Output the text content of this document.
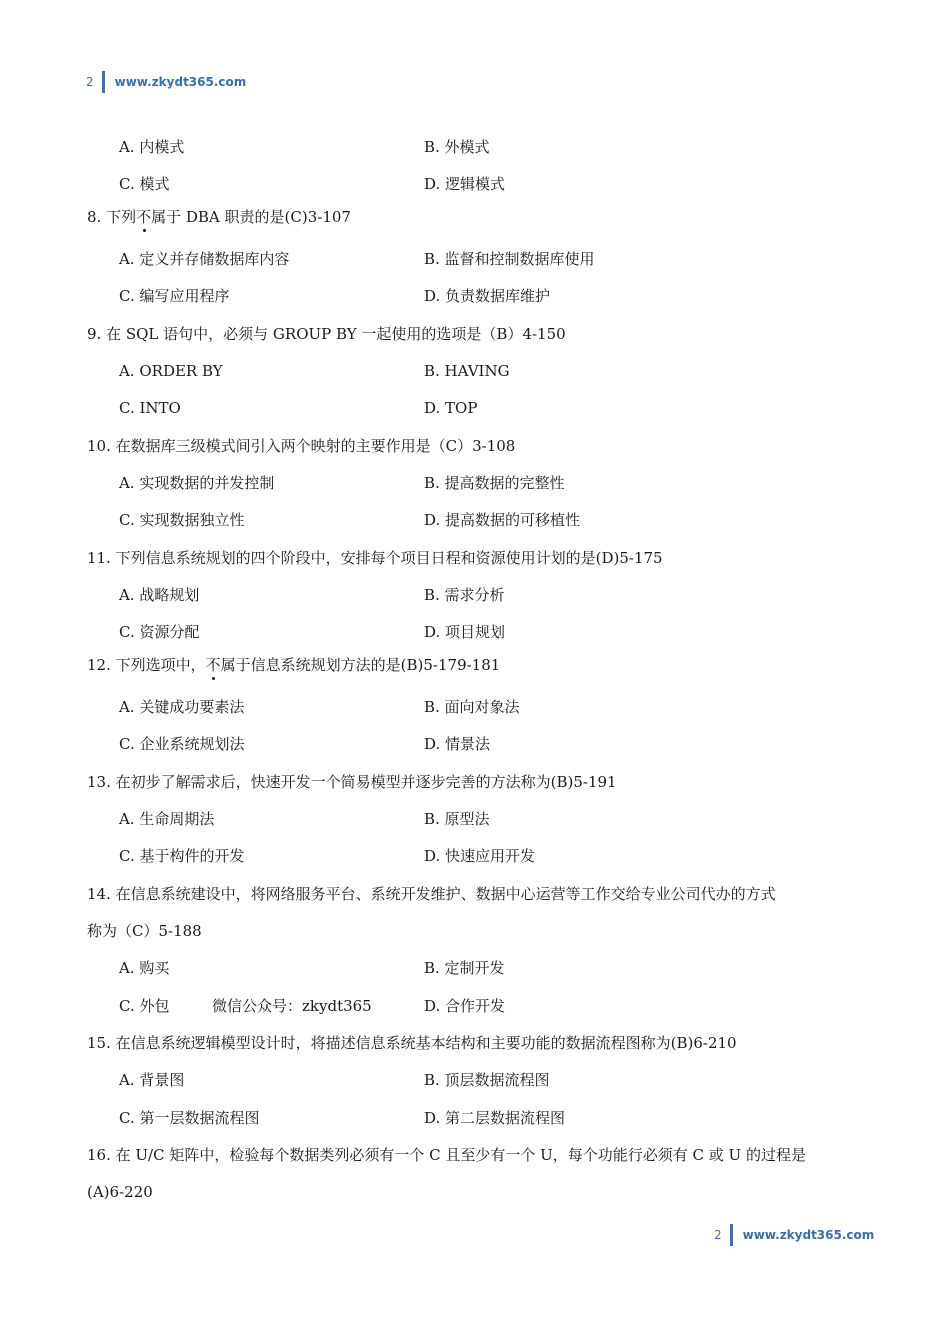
2 www.zkydt365.com
A. 内模式	B. 外模式
C. 模式	D. 逻辑模式
8. 下列不属于 DBA 职责的是(C)3-107
A. 定义并存储数据库内容	B. 监督和控制数据库使用
C. 编写应用程序	D. 负责数据库维护
9. 在 SQL 语句中，必须与 GROUP BY 一起使用的选项是（B）4-150
A. ORDER BY	B. HAVING
C. INTO	D. TOP
10. 在数据库三级模式间引入两个映射的主要作用是（C）3-108
A. 实现数据的并发控制	B. 提高数据的完整性
C. 实现数据独立性	D. 提高数据的可移植性
11. 下列信息系统规划的四个阶段中，安排每个项目日程和资源使用计划的是(D)5-175
A. 战略规划	B. 需求分析
C. 资源分配	D. 项目规划
12. 下列选项中，不属于信息系统规划方法的是(B)5-179-181
A. 关键成功要素法	B. 面向对象法
C. 企业系统规划法	D. 情景法
13. 在初步了解需求后，快速开发一个简易模型并逐步完善的方法称为(B)5-191
A. 生命周期法	B. 原型法
C. 基于构件的开发	D. 快速应用开发
14. 在信息系统建设中，将网络服务平台、系统开发维护、数据中心运营等工作交给专业公司代办的方式
称为（C）5-188
A. 购买	B. 定制开发
C. 外包	微信公众号：zkydt365	D. 合作开发
15. 在信息系统逻辑模型设计时，将描述信息系统基本结构和主要功能的数据流程图称为(B)6-210
A. 背景图	B. 顶层数据流程图
C. 第一层数据流程图	D. 第二层数据流程图
16. 在 U/C 矩阵中，检验每个数据类列必须有一个 C 且至少有一个 U，每个功能行必须有 C 或 U 的过程是
(A)6-220
2 www.zkydt365.com
